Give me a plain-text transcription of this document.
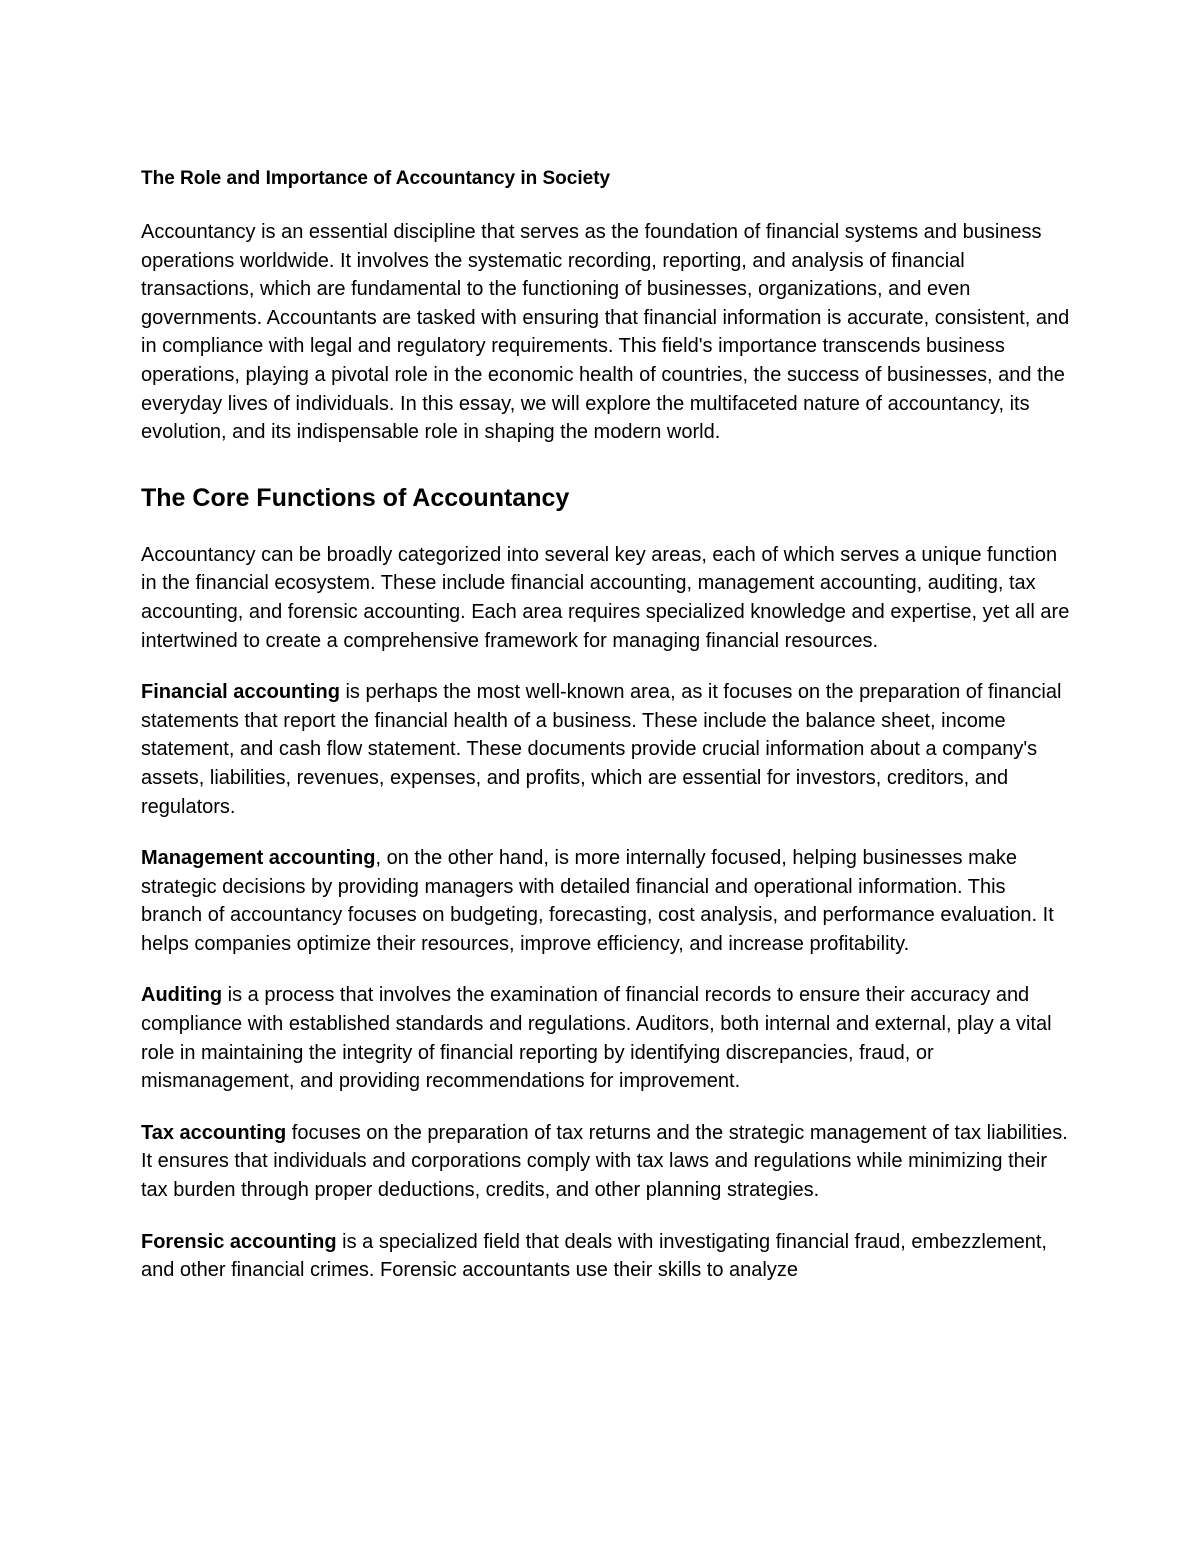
The Role and Importance of Accountancy in Society

Accountancy is an essential discipline that serves as the foundation of financial systems and business operations worldwide. It involves the systematic recording, reporting, and analysis of financial transactions, which are fundamental to the functioning of businesses, organizations, and even governments. Accountants are tasked with ensuring that financial information is accurate, consistent, and in compliance with legal and regulatory requirements. This field's importance transcends business operations, playing a pivotal role in the economic health of countries, the success of businesses, and the everyday lives of individuals. In this essay, we will explore the multifaceted nature of accountancy, its evolution, and its indispensable role in shaping the modern world.

The Core Functions of Accountancy

Accountancy can be broadly categorized into several key areas, each of which serves a unique function in the financial ecosystem. These include financial accounting, management accounting, auditing, tax accounting, and forensic accounting. Each area requires specialized knowledge and expertise, yet all are intertwined to create a comprehensive framework for managing financial resources.

Financial accounting is perhaps the most well-known area, as it focuses on the preparation of financial statements that report the financial health of a business. These include the balance sheet, income statement, and cash flow statement. These documents provide crucial information about a company's assets, liabilities, revenues, expenses, and profits, which are essential for investors, creditors, and regulators.

Management accounting, on the other hand, is more internally focused, helping businesses make strategic decisions by providing managers with detailed financial and operational information. This branch of accountancy focuses on budgeting, forecasting, cost analysis, and performance evaluation. It helps companies optimize their resources, improve efficiency, and increase profitability.

Auditing is a process that involves the examination of financial records to ensure their accuracy and compliance with established standards and regulations. Auditors, both internal and external, play a vital role in maintaining the integrity of financial reporting by identifying discrepancies, fraud, or mismanagement, and providing recommendations for improvement.

Tax accounting focuses on the preparation of tax returns and the strategic management of tax liabilities. It ensures that individuals and corporations comply with tax laws and regulations while minimizing their tax burden through proper deductions, credits, and other planning strategies.

Forensic accounting is a specialized field that deals with investigating financial fraud, embezzlement, and other financial crimes. Forensic accountants use their skills to analyze
